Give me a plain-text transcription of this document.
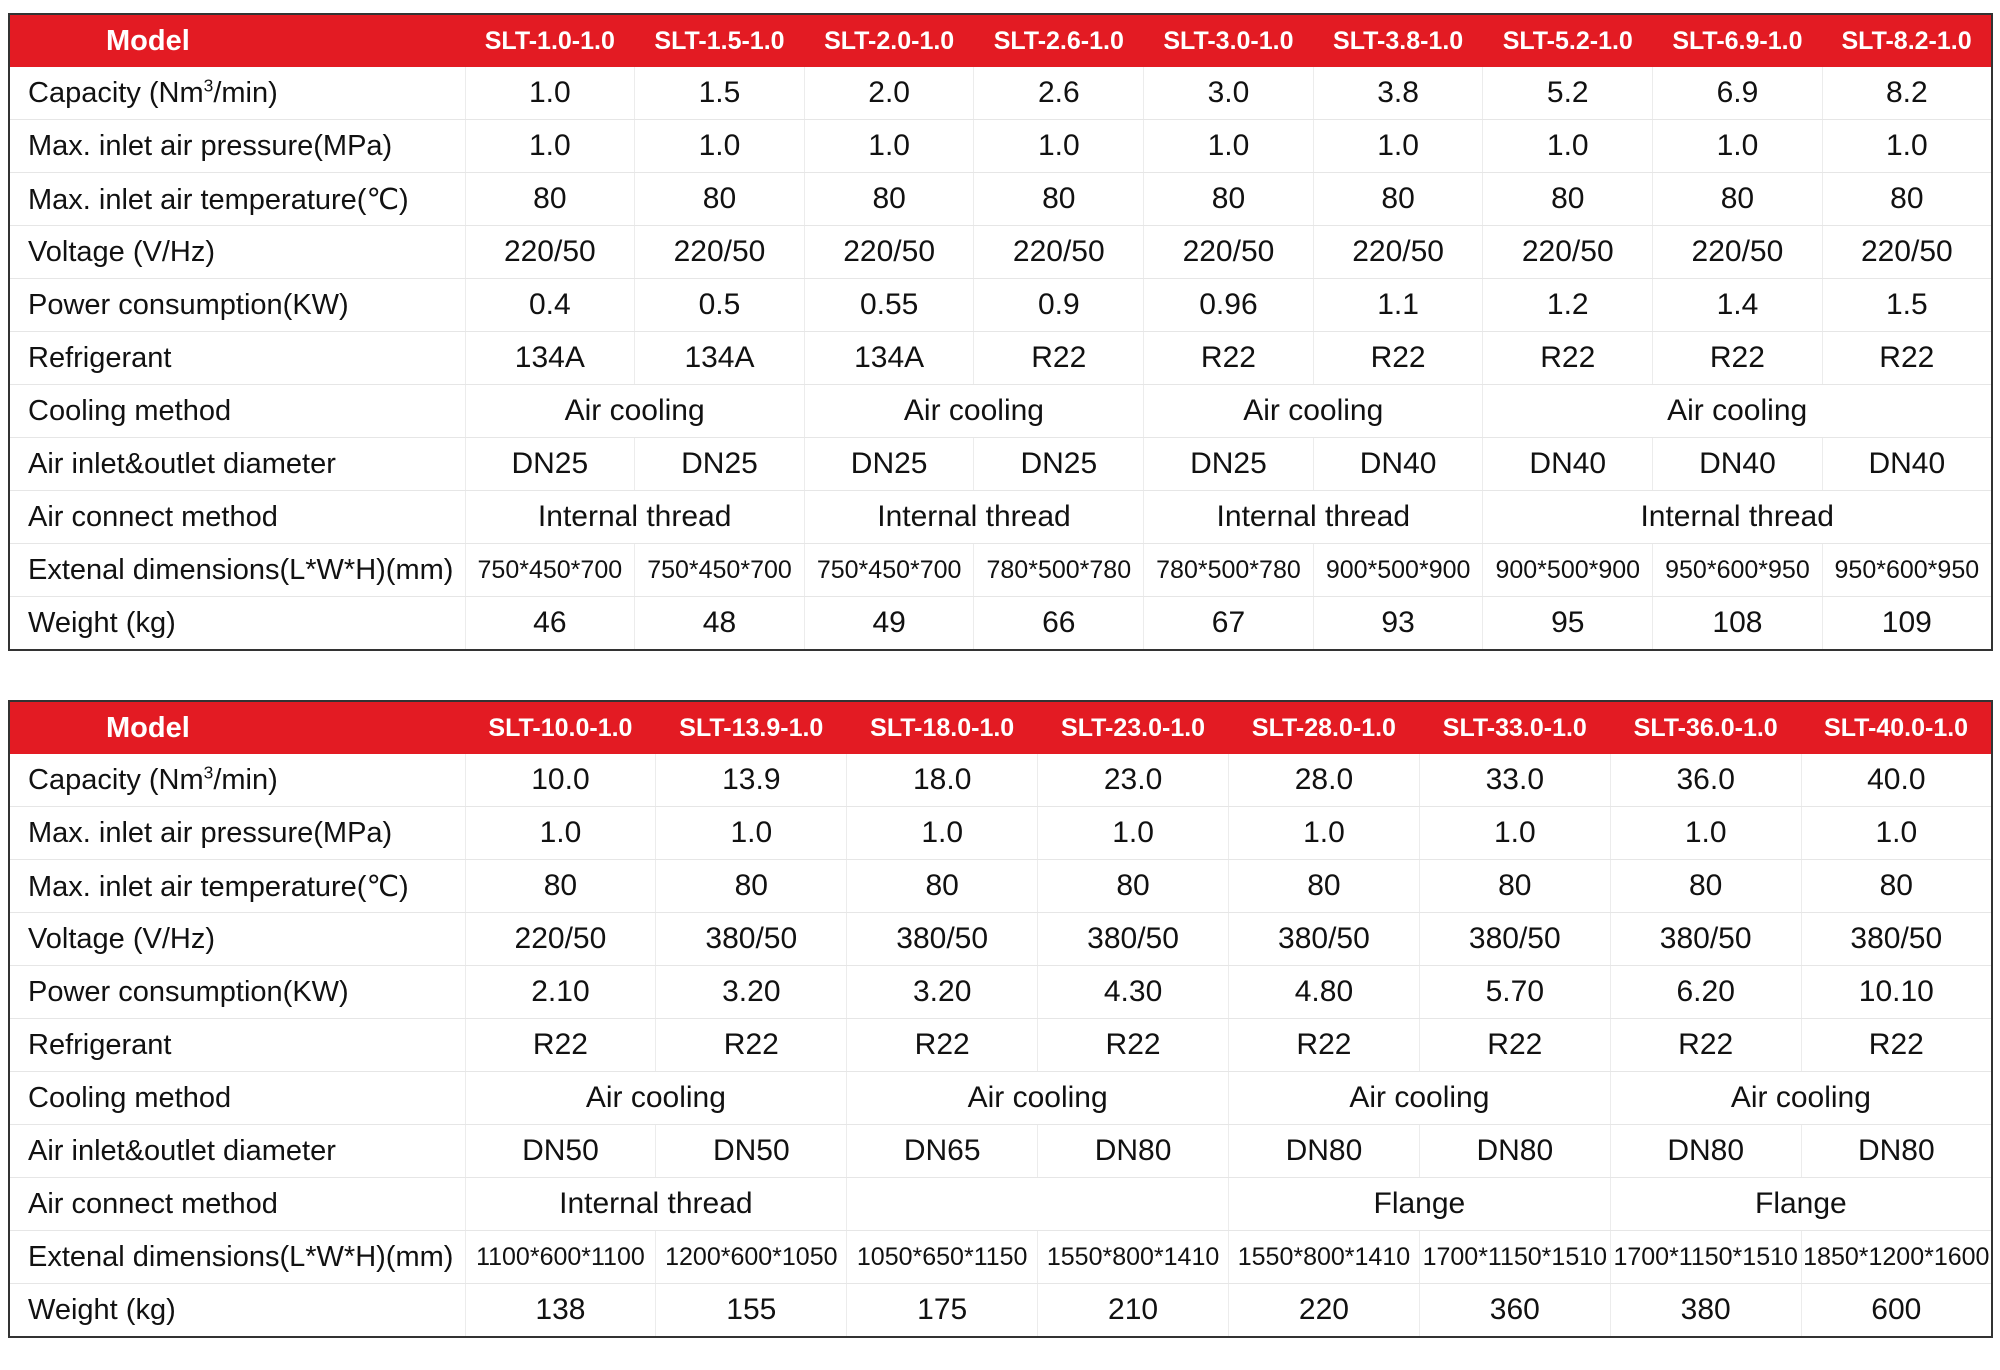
Model	SLT-1.0-1.0	SLT-1.5-1.0	SLT-2.0-1.0	SLT-2.6-1.0	SLT-3.0-1.0	SLT-3.8-1.0	SLT-5.2-1.0	SLT-6.9-1.0	SLT-8.2-1.0
Capacity (Nm$^3$/min)	1.0	1.5	2.0	2.6	3.0	3.8	5.2	6.9	8.2
Max. inlet air pressure(MPa)	1.0	1.0	1.0	1.0	1.0	1.0	1.0	1.0	1.0
Max. inlet air temperature(℃)	80	80	80	80	80	80	80	80	80
Voltage (V/Hz)	220/50	220/50	220/50	220/50	220/50	220/50	220/50	220/50	220/50
Power consumption(KW)	0.4	0.5	0.55	0.9	0.96	1.1	1.2	1.4	1.5
Refrigerant	134A	134A	134A	R22	R22	R22	R22	R22	R22
Cooling method	Air cooling		Air cooling		Air cooling		Air cooling		
Air inlet&outlet diameter	DN25	DN25	DN25	DN25	DN25	DN40	DN40	DN40	DN40
Air connect method	Internal thread		Internal thread		Internal thread		Internal thread		
Extenal dimensions(L*W*H)(mm)	750*450*700	750*450*700	750*450*700	780*500*780	780*500*780	900*500*900	900*500*900	950*600*950	950*600*950
Weight (kg)	46	48	49	66	67	93	95	108	109
Model	SLT-10.0-1.0	SLT-13.9-1.0	SLT-18.0-1.0	SLT-23.0-1.0	SLT-28.0-1.0	SLT-33.0-1.0	SLT-36.0-1.0	SLT-40.0-1.0
Capacity (Nm$^3$/min)	10.0	13.9	18.0	23.0	28.0	33.0	36.0	40.0
Max. inlet air pressure(MPa)	1.0	1.0	1.0	1.0	1.0	1.0	1.0	1.0
Max. inlet air temperature(℃)	80	80	80	80	80	80	80	80
Voltage (V/Hz)	220/50	380/50	380/50	380/50	380/50	380/50	380/50	380/50
Power consumption(KW)	2.10	3.20	3.20	4.30	4.80	5.70	6.20	10.10
Refrigerant	R22	R22	R22	R22	R22	R22	R22	R22
Cooling method	Air cooling		Air cooling		Air cooling		Air cooling	
Air inlet&outlet diameter	DN50	DN50	DN65	DN80	DN80	DN80	DN80	DN80
Air connect method	Internal thread				Flange		Flange	
Extenal dimensions(L*W*H)(mm)	1100*600*1100	1200*600*1050	1050*650*1150	1550*800*1410	1550*800*1410	1700*1150*1510	1700*1150*1510	1850*1200*1600
Weight (kg)	138	155	175	210	220	360	380	600
